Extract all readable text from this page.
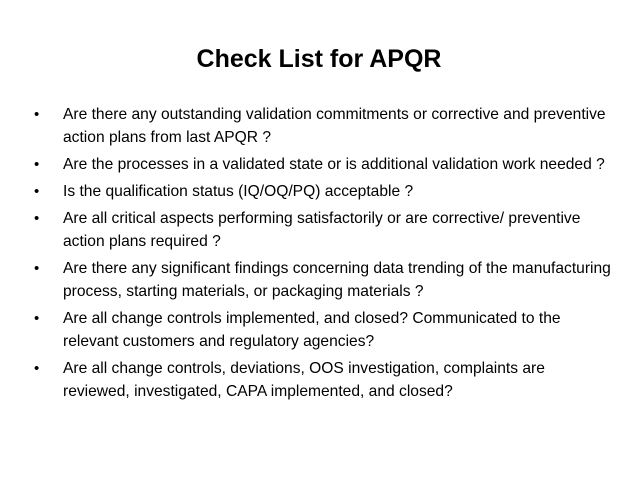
Check List for APQR
• Are there any outstanding validation commitments or corrective and preventive action plans from last APQR ?
• Are the processes in a validated state or is additional validation work needed ?
• Is the qualification status (IQ/OQ/PQ) acceptable ?
• Are all critical aspects performing satisfactorily or are corrective/ preventive action plans required ?
• Are there any significant findings concerning data trending of the manufacturing process, starting materials, or packaging materials ?
• Are all change controls implemented, and closed? Communicated to the relevant customers and regulatory agencies?
• Are all change controls, deviations, OOS investigation, complaints are reviewed, investigated, CAPA implemented, and closed?
